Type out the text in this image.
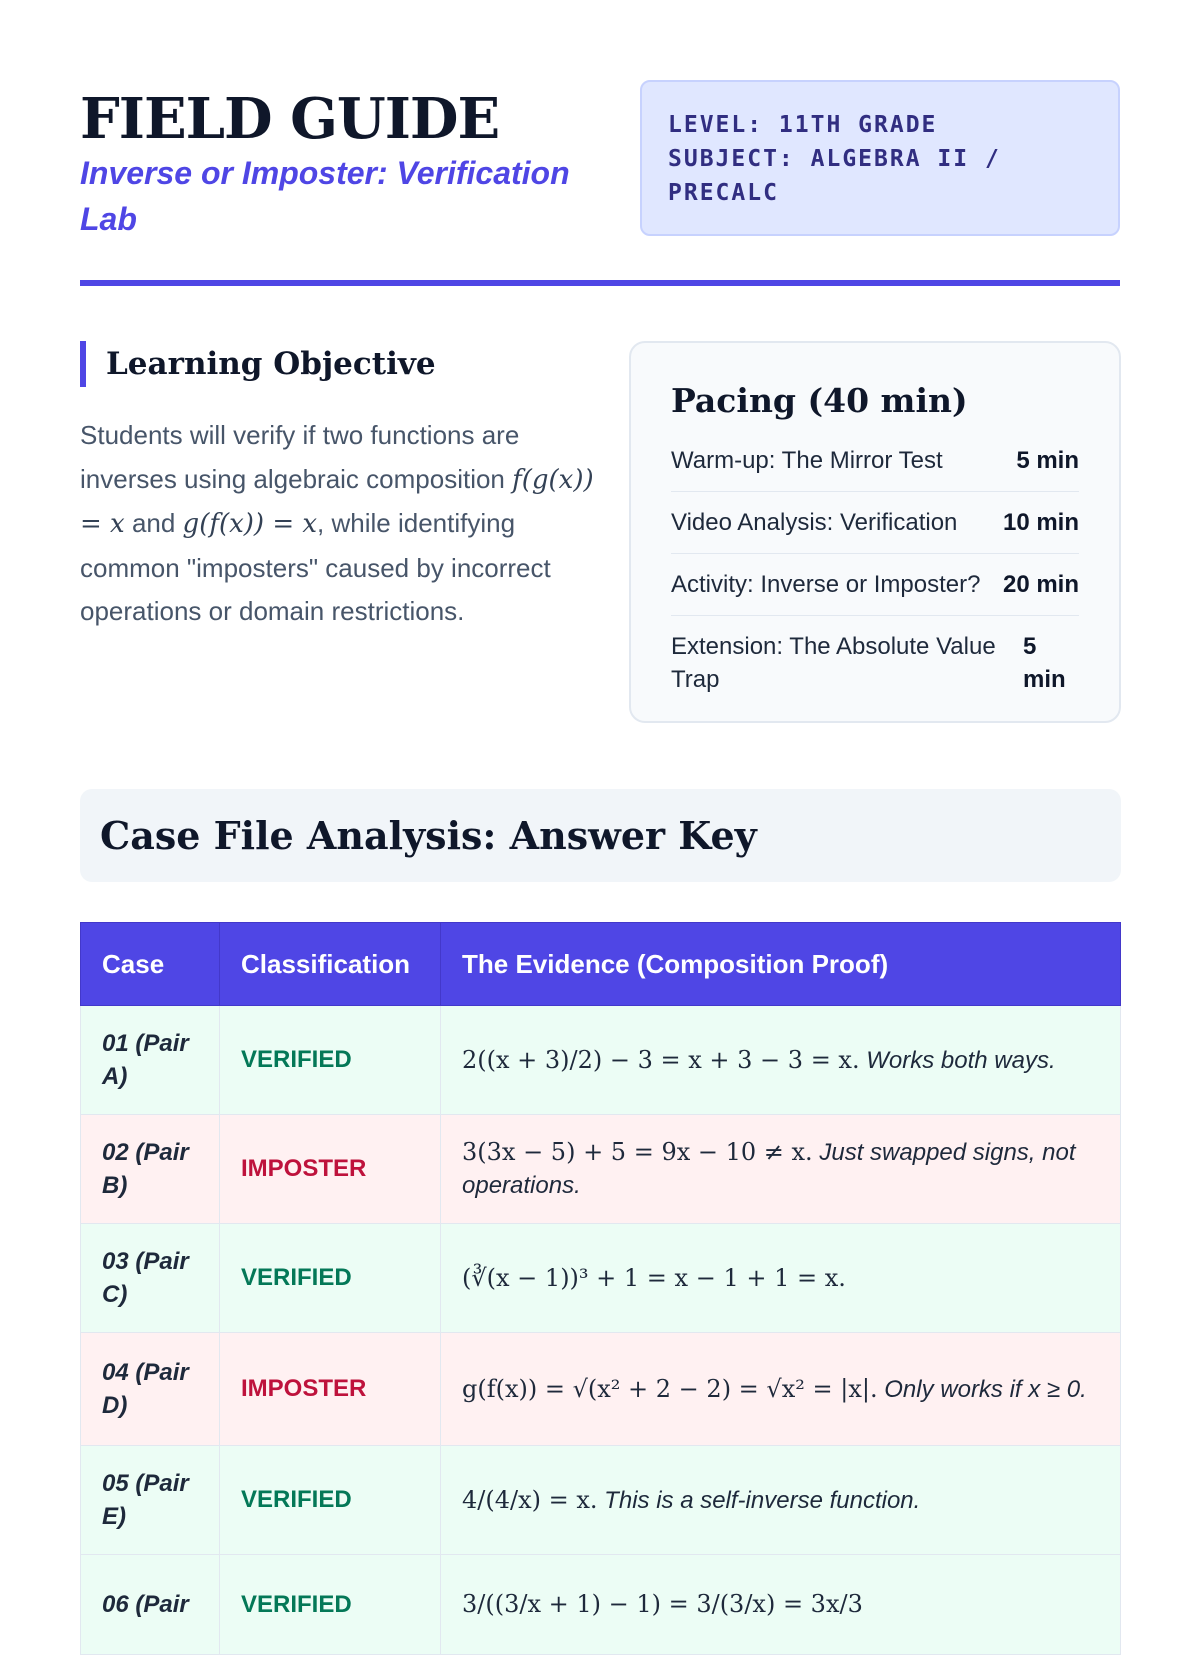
FIELD GUIDE
Inverse or Imposter: Verification Lab
LEVEL: 11TH GRADE
SUBJECT: ALGEBRA II /
PRECALC
Learning Objective

Students will verify if two functions are inverses using algebraic composition f(g(x)) = x and g(f(x)) = x, while identifying common "imposters" caused by incorrect operations or domain restrictions.

Pacing (40 min)
Warm-up: The Mirror Test	5 min
Video Analysis: Verification	10 min
Activity: Inverse or Imposter? 20 min
Extension: The Absolute Value Trap
5 min
Case File Analysis: Answer Key
Case	Classification	The Evidence (Composition Proof)
01 (Pair A)	VERIFIED	2((x + 3)/2) − 3 = x + 3 − 3 = x. Works both ways.
02 (Pair B)	IMPOSTER	3(3x − 5) + 5 = 9x − 10 ≠ x. Just swapped signs, not operations.
03 (Pair C)	VERIFIED	(∛(x − 1))³ + 1 = x − 1 + 1 = x.
04 (Pair D)	IMPOSTER	g(f(x)) = √(x² + 2 − 2) = √x² = |x|. Only works if x ≥ 0.
05 (Pair E)	VERIFIED	4/(4/x) = x. This is a self-inverse function.
06 (Pair	VERIFIED	3/((3/x + 1) − 1) = 3/(3/x) = 3x/3
